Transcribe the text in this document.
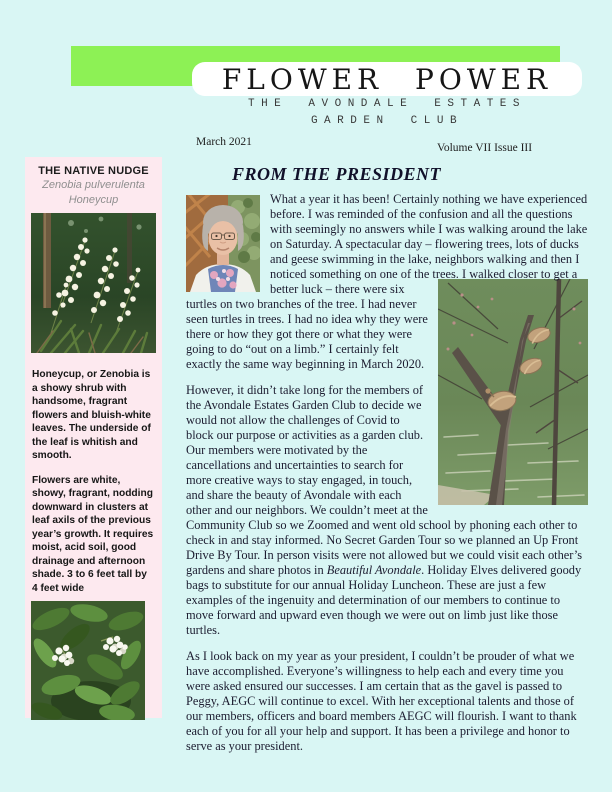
FLOWER POWER
THE AVONDALE ESTATES
GARDEN CLUB
March 2021	Volume VII Issue III
THE NATIVE NUDGE
Zenobia pulverulenta
Honeycup

Honeycup, or Zenobia is a showy shrub with handsome, fragrant flowers and bluish-white leaves. The underside of the leaf is whitish and smooth.

Flowers are white, showy, fragrant, nodding downward in clusters at leaf axils of the previous year’s growth. It requires moist, acid soil, good drainage and afternoon shade. 3 to 6 feet tall by 4 feet wide

FROM THE PRESIDENT

What a year it has been! Certainly nothing we have experienced before. I was reminded of the confusion and all the questions with seemingly no answers while I was walking around the lake on Saturday. A spectacular day – flowering trees, lots of ducks and geese swimming in the lake, neighbors walking and then I noticed something on one of the trees. I walked
closer to get a better luck – there were six turtles on two branches of the tree. I had never seen turtles in trees. I had no idea why they were there or how they got there or what they were going to do “out on a limb.” I certainly felt exactly the same way beginning in March 2020.

However, it didn’t take long for the members of the Avondale Estates Garden Club to decide we would not allow the challenges of Covid to block our purpose or activities as a garden club. Our members were motivated by the cancellations and uncertainties to search for more creative ways to stay engaged, in touch, and share the beauty of Avondale with each other and our neighbors. We couldn’t meet at the Community Club so we Zoomed and went old school by phoning each other to check in and stay informed. No Secret Garden Tour so we planned an Up Front Drive By Tour. In person visits were not allowed but we could visit each other’s gardens and share photos in Beautiful Avondale. Holiday Elves delivered goody bags to substitute for our annual Holiday Luncheon. These are just a few examples of the ingenuity and determination of our members to continue to move forward and upward even though we were out on limb just like those turtles.

As I look back on my year as your president, I couldn’t be prouder of what we have accomplished. Everyone’s willingness to help each and every time you were asked ensured our successes. I am certain that as the gavel is passed to Peggy, AEGC will continue to excel. With her exceptional talents and those of our members, officers and board members AEGC will flourish. I want to thank each of you for all your help and support. It has been a privilege and honor to serve as your president.
